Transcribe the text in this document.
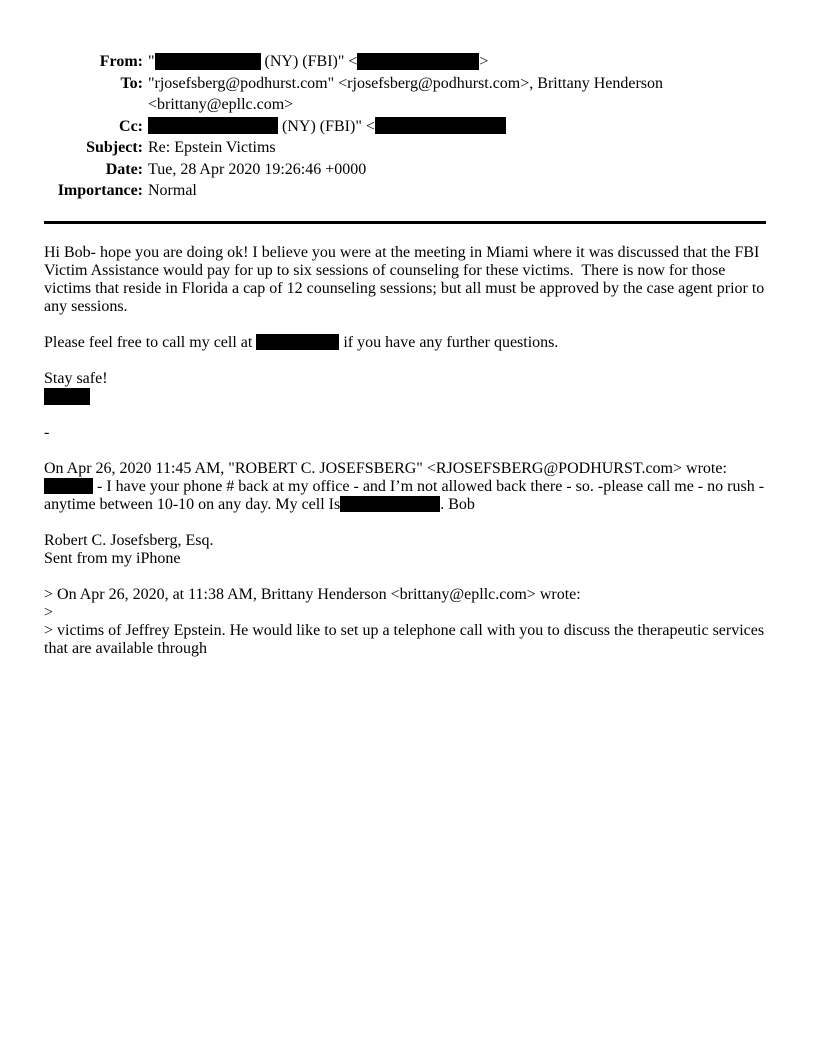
From: "	(NY) (FBI)" <	>
To: "rjosefsberg@podhurst.com" <rjosefsberg@podhurst.com>, Brittany Henderson <brittany@epllc.com>
Cc:	(NY) (FBI)" <
Subject: Re: Epstein Victims
Date: Tue, 28 Apr 2020 19:26:46 +0000
Importance: Normal

Hi Bob- hope you are doing ok! I believe you were at the meeting in Miami where it was discussed that the FBI Victim Assistance would pay for up to six sessions of counseling for these victims.  There is now for those victims that reside in Florida a cap of 12 counseling sessions; but all must be approved by the case agent prior to any sessions.

Please feel free to call my cell at	if you have any further questions.

Stay safe!

-

On Apr 26, 2020 11:45 AM, "ROBERT C. JOSEFSBERG" <RJOSEFSBERG@PODHURST.com> wrote:

- I have your phone # back at my office - and I’m not allowed back there - so. -please call me - no rush - anytime between 10-10 on any day. My cell Is	. Bob

Robert C. Josefsberg, Esq.

Sent from my iPhone

> On Apr 26, 2020, at 11:38 AM, Brittany Henderson <brittany@epllc.com> wrote:

>

> victims of Jeffrey Epstein. He would like to set up a telephone call with you to discuss the therapeutic services that are available through
